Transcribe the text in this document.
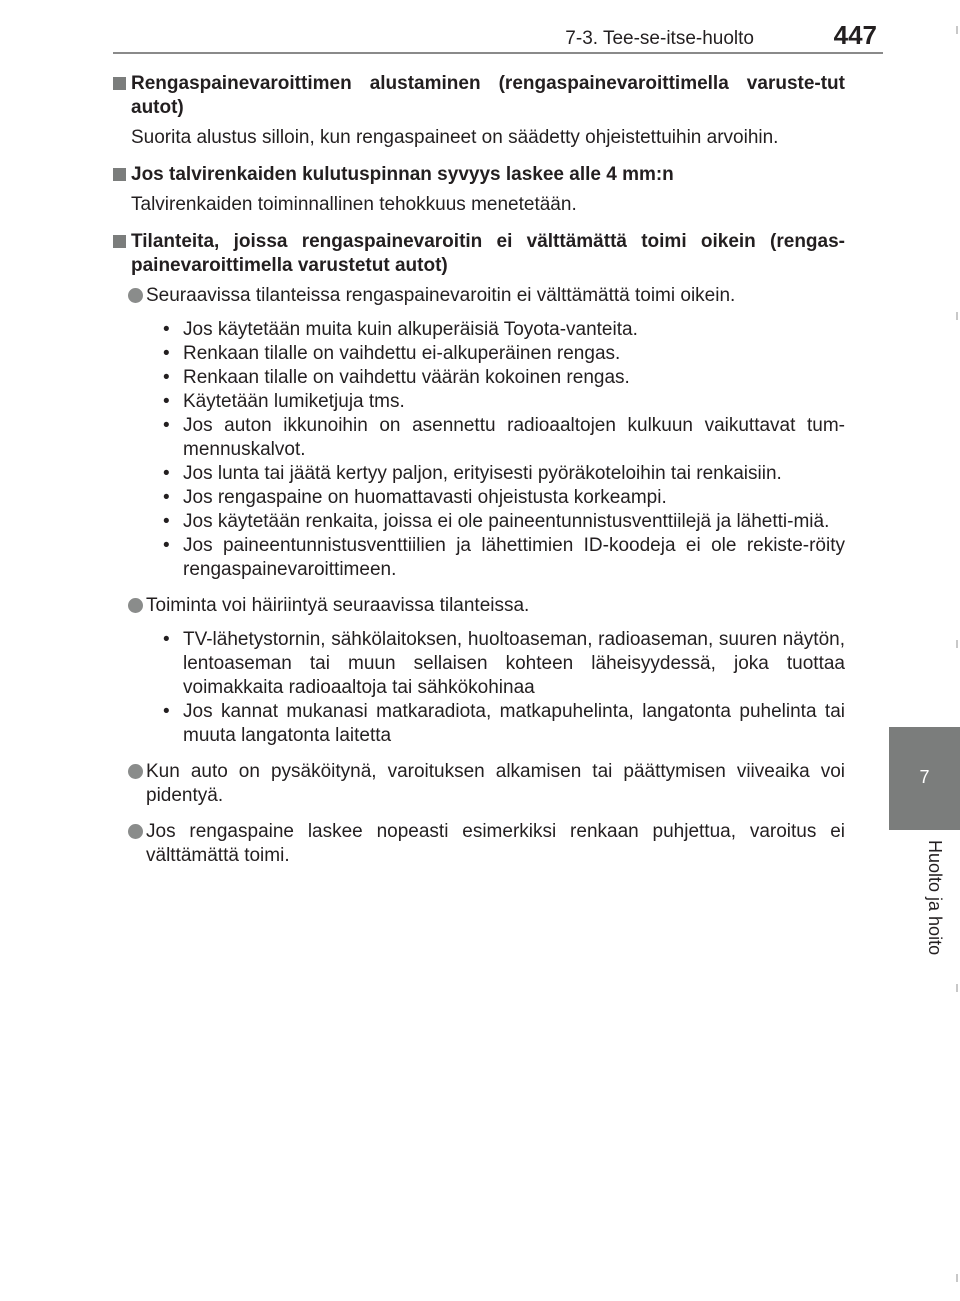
7-3. Tee-se-itse-huolto	447
7
Huolto ja hoito
Rengaspainevaroittimen alustaminen (rengaspainevaroittimella varuste-tut autot)
Suorita alustus silloin, kun rengaspaineet on säädetty ohjeistettuihin arvoihin.
Jos talvirenkaiden kulutuspinnan syvyys laskee alle 4 mm:n
Talvirenkaiden toiminnallinen tehokkuus menetetään.
Tilanteita, joissa rengaspainevaroitin ei välttämättä toimi oikein (rengas-painevaroittimella varustetut autot)
Seuraavissa tilanteissa rengaspainevaroitin ei välttämättä toimi oikein.
• Jos käytetään muita kuin alkuperäisiä Toyota-vanteita.
• Renkaan tilalle on vaihdettu ei-alkuperäinen rengas.
• Renkaan tilalle on vaihdettu väärän kokoinen rengas.
• Käytetään lumiketjuja tms.
• Jos auton ikkunoihin on asennettu radioaaltojen kulkuun vaikuttavat tum-mennuskalvot.
• Jos lunta tai jäätä kertyy paljon, erityisesti pyöräkoteloihin tai renkaisiin.
• Jos rengaspaine on huomattavasti ohjeistusta korkeampi.
• Jos käytetään renkaita, joissa ei ole paineentunnistusventtiilejä ja lähetti-miä.
• Jos paineentunnistusventtiilien ja lähettimien ID-koodeja ei ole rekiste-röity rengaspainevaroittimeen.
Toiminta voi häiriintyä seuraavissa tilanteissa.
• TV-lähetystornin, sähkölaitoksen, huoltoaseman, radioaseman, suuren näytön, lentoaseman tai muun sellaisen kohteen läheisyydessä, joka tuottaa voimakkaita radioaaltoja tai sähkökohinaa
• Jos kannat mukanasi matkaradiota, matkapuhelinta, langatonta puhelinta tai muuta langatonta laitetta
Kun auto on pysäköitynä, varoituksen alkamisen tai päättymisen viiveaika voi pidentyä.
Jos rengaspaine laskee nopeasti esimerkiksi renkaan puhjettua, varoitus ei välttämättä toimi.
